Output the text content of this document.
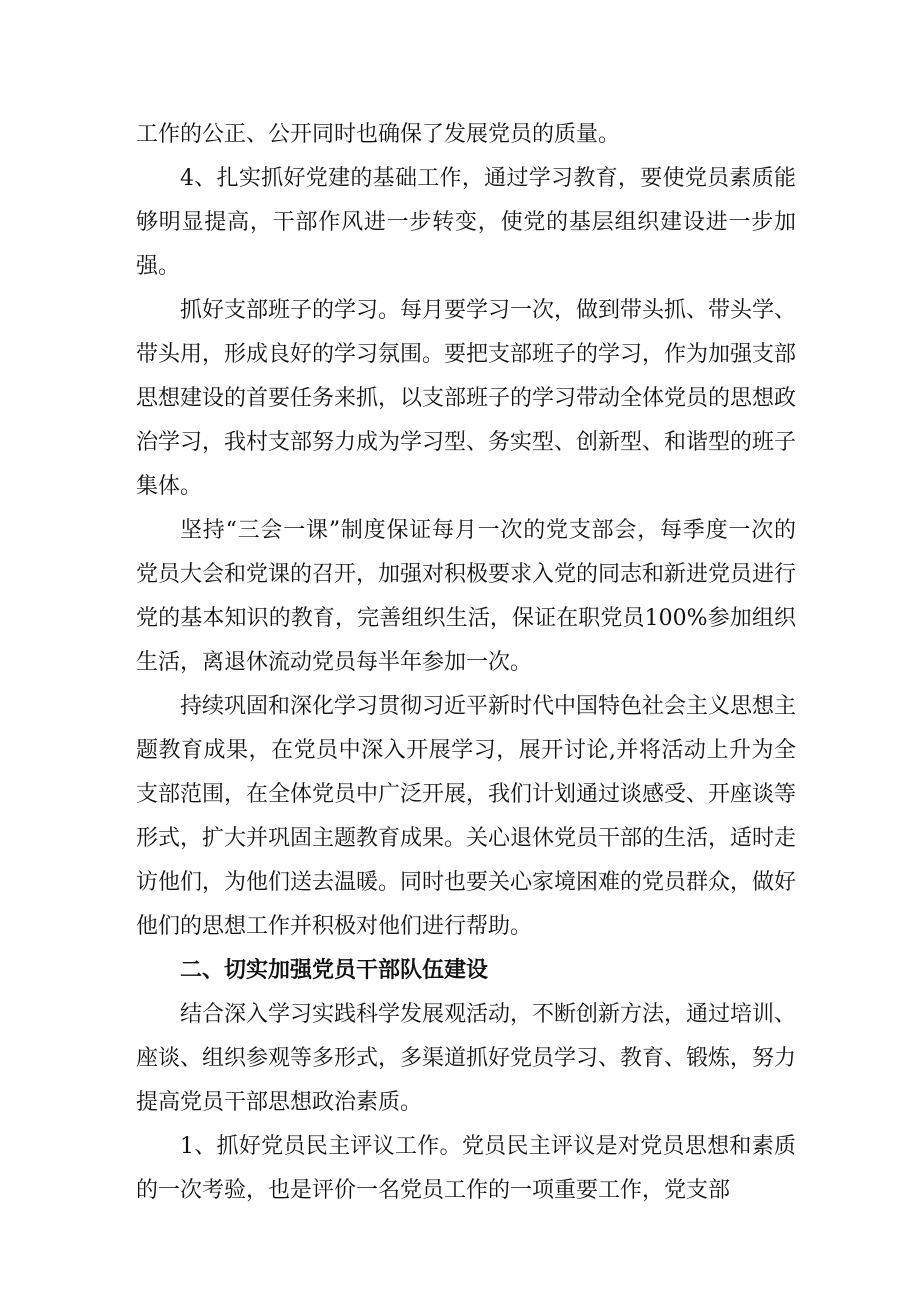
工作的公正、公开同时也确保了发展党员的质量。

4、扎实抓好党建的基础工作，通过学习教育，要使党员素质能够明显提高，干部作风进一步转变，使党的基层组织建设进一步加强。

抓好支部班子的学习。每月要学习一次，做到带头抓、带头学、带头用，形成良好的学习氛围。要把支部班子的学习，作为加强支部思想建设的首要任务来抓，以支部班子的学习带动全体党员的思想政治学习，我村支部努力成为学习型、务实型、创新型、和谐型的班子集体。

坚持“三会一课”制度保证每月一次的党支部会，每季度一次的党员大会和党课的召开，加强对积极要求入党的同志和新进党员进行党的基本知识的教育，完善组织生活，保证在职党员100%参加组织生活，离退休流动党员每半年参加一次。

持续巩固和深化学习贯彻习近平新时代中国特色社会主义思想主题教育成果，在党员中深入开展学习，展开讨论,并将活动上升为全支部范围，在全体党员中广泛开展，我们计划通过谈感受、开座谈等形式，扩大并巩固主题教育成果。关心退休党员干部的生活，适时走访他们，为他们送去温暖。同时也要关心家境困难的党员群众，做好他们的思想工作并积极对他们进行帮助。

二、切实加强党员干部队伍建设

结合深入学习实践科学发展观活动，不断创新方法，通过培训、座谈、组织参观等多形式，多渠道抓好党员学习、教育、锻炼，努力提高党员干部思想政治素质。

1、抓好党员民主评议工作。党员民主评议是对党员思想和素质的一次考验，也是评价一名党员工作的一项重要工作，党支部
